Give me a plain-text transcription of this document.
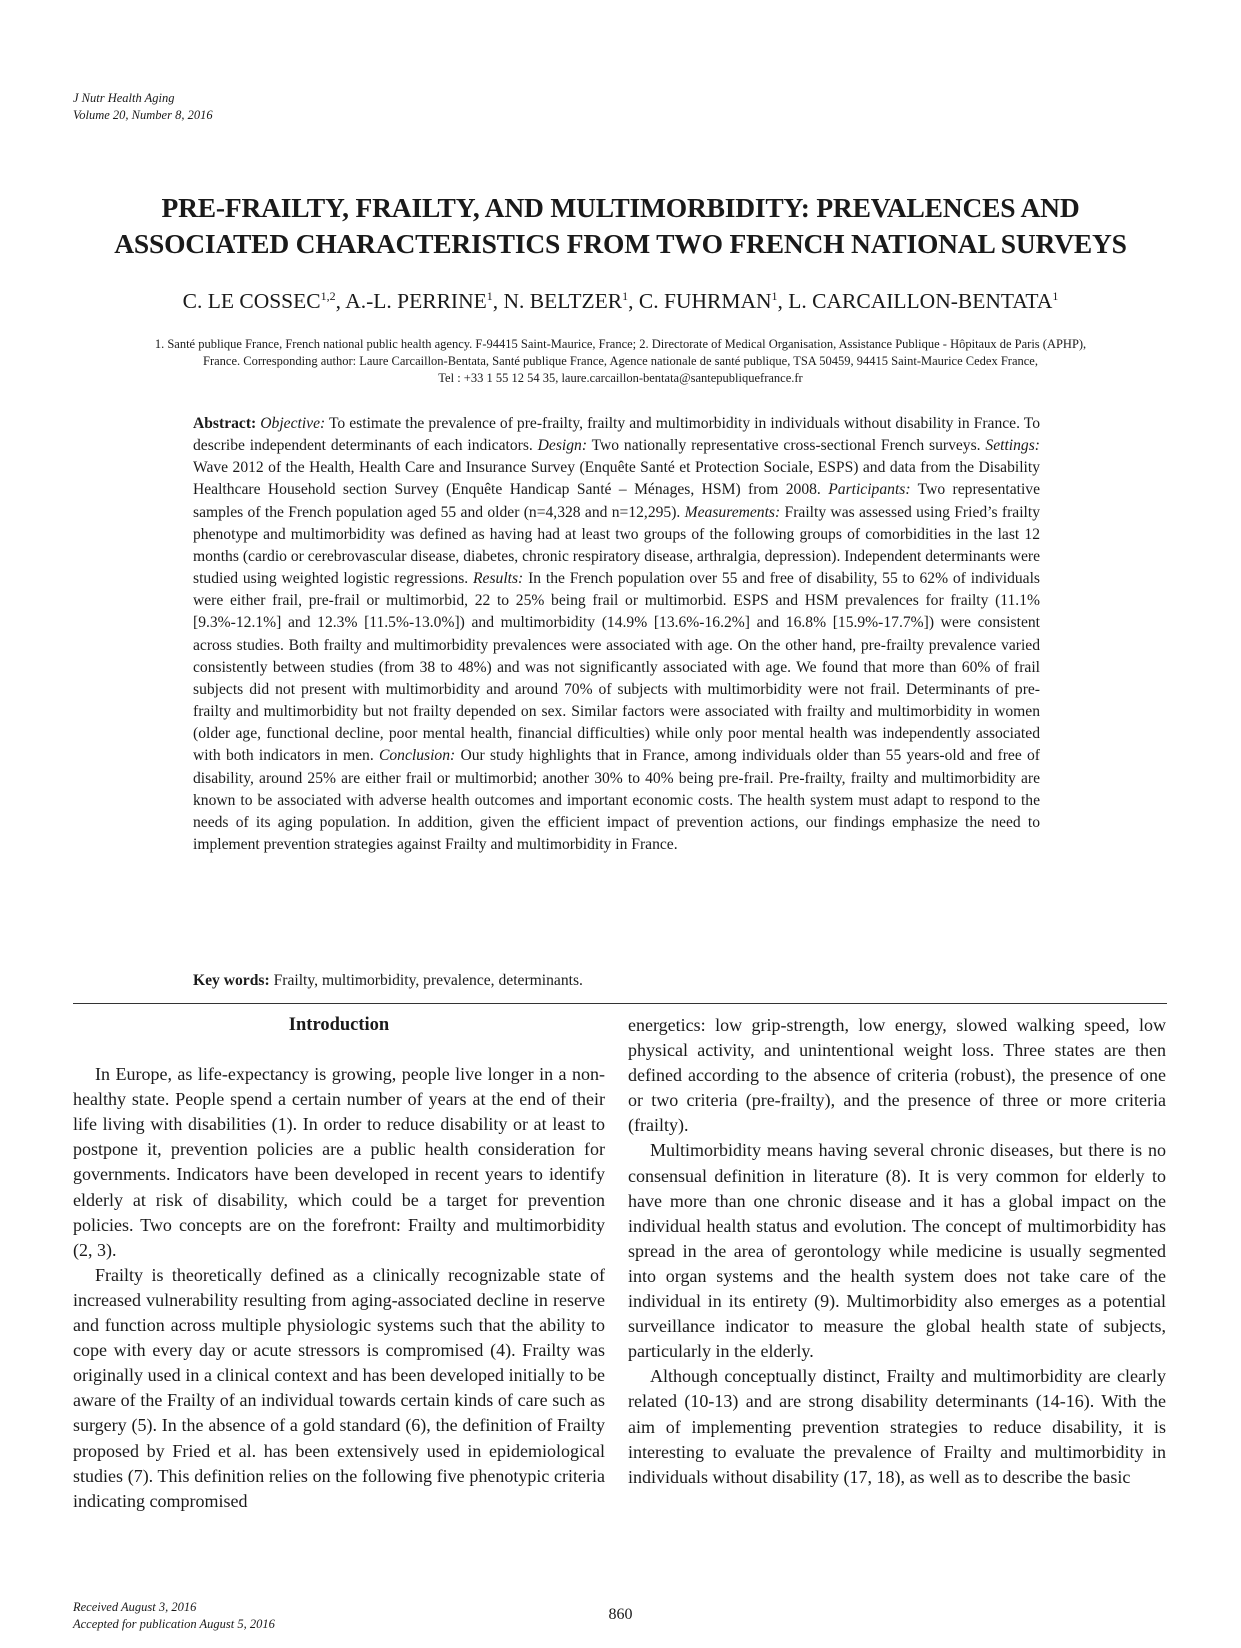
J Nutr Health Aging
Volume 20, Number 8, 2016
PRE-FRAILTY, FRAILTY, AND MULTIMORBIDITY: PREVALENCES AND
ASSOCIATED CHARACTERISTICS FROM TWO FRENCH NATIONAL SURVEYS
C. LE COSSEC$^{1,2}$, A.-L. PERRINE$^1$, N. BELTZER$^1$, C. FUHRMAN$^1$, L. CARCAILLON-BENTATA$^1$
1. Santé publique France, French national public health agency. F-94415 Saint-Maurice, France; 2. Directorate of Medical Organisation, Assistance Publique - Hôpitaux de Paris (APHP),
France. Corresponding author: Laure Carcaillon-Bentata, Santé publique France, Agence nationale de santé publique, TSA 50459, 94415 Saint-Maurice Cedex France,
Tel : +33 1 55 12 54 35, laure.carcaillon-bentata@santepubliquefrance.fr
Abstract: Objective: To estimate the prevalence of pre-frailty, frailty and multimorbidity in individuals without disability in France. To describe independent determinants of each indicators. Design: Two nationally representative cross-sectional French surveys. Settings: Wave 2012 of the Health, Health Care and Insurance Survey (Enquête Santé et Protection Sociale, ESPS) and data from the Disability Healthcare Household section Survey (Enquête Handicap Santé – Ménages, HSM) from 2008. Participants: Two representative samples of the French population aged 55 and older (n=4,328 and n=12,295). Measurements: Frailty was assessed using Fried’s frailty phenotype and multimorbidity was defined as having had at least two groups of the following groups of comorbidities in the last 12 months (cardio or cerebrovascular disease, diabetes, chronic respiratory disease, arthralgia, depression). Independent determinants were studied using weighted logistic regressions. Results: In the French population over 55 and free of disability, 55 to 62% of individuals were either frail, pre-frail or multimorbid, 22 to 25% being frail or multimorbid. ESPS and HSM prevalences for frailty (11.1% [9.3%-12.1%] and 12.3% [11.5%-13.0%]) and multimorbidity (14.9% [13.6%-16.2%] and 16.8% [15.9%-17.7%]) were consistent across studies. Both frailty and multimorbidity prevalences were associated with age. On the other hand, pre-frailty prevalence varied consistently between studies (from 38 to 48%) and was not significantly associated with age. We found that more than 60% of frail subjects did not present with multimorbidity and around 70% of subjects with multimorbidity were not frail. Determinants of pre-frailty and multimorbidity but not frailty depended on sex. Similar factors were associated with frailty and multimorbidity in women (older age, functional decline, poor mental health, financial difficulties) while only poor mental health was independently associated with both indicators in men. Conclusion: Our study highlights that in France, among individuals older than 55 years-old and free of disability, around 25% are either frail or multimorbid; another 30% to 40% being pre-frail. Pre-frailty, frailty and multimorbidity are known to be associated with adverse health outcomes and important economic costs. The health system must adapt to respond to the needs of its aging population. In addition, given the efficient impact of prevention actions, our findings emphasize the need to implement prevention strategies against Frailty and multimorbidity in France.
Key words: Frailty, multimorbidity, prevalence, determinants.

Introduction

In Europe, as life-expectancy is growing, people live longer in a non-healthy state. People spend a certain number of years at the end of their life living with disabilities (1). In order to reduce disability or at least to postpone it, prevention policies are a public health consideration for governments. Indicators have been developed in recent years to identify elderly at risk of disability, which could be a target for prevention policies. Two concepts are on the forefront: Frailty and multimorbidity (2, 3).

Frailty is theoretically defined as a clinically recognizable state of increased vulnerability resulting from aging-associated decline in reserve and function across multiple physiologic systems such that the ability to cope with every day or acute stressors is compromised (4). Frailty was originally used in a clinical context and has been developed initially to be aware of the Frailty of an individual towards certain kinds of care such as surgery (5). In the absence of a gold standard (6), the definition of Frailty proposed by Fried et al. has been extensively used in epidemiological studies (7). This definition relies on the following five phenotypic criteria indicating compromised

energetics: low grip-strength, low energy, slowed walking speed, low physical activity, and unintentional weight loss. Three states are then defined according to the absence of criteria (robust), the presence of one or two criteria (pre-frailty), and the presence of three or more criteria (frailty).

Multimorbidity means having several chronic diseases, but there is no consensual definition in literature (8). It is very common for elderly to have more than one chronic disease and it has a global impact on the individual health status and evolution. The concept of multimorbidity has spread in the area of gerontology while medicine is usually segmented into organ systems and the health system does not take care of the individual in its entirety (9). Multimorbidity also emerges as a potential surveillance indicator to measure the global health state of subjects, particularly in the elderly.

Although conceptually distinct, Frailty and multimorbidity are clearly related (10-13) and are strong disability determinants (14-16). With the aim of implementing prevention strategies to reduce disability, it is interesting to evaluate the prevalence of Frailty and multimorbidity in individuals without disability (17, 18), as well as to describe the basic

Received August 3, 2016
Accepted for publication August 5, 2016
860
